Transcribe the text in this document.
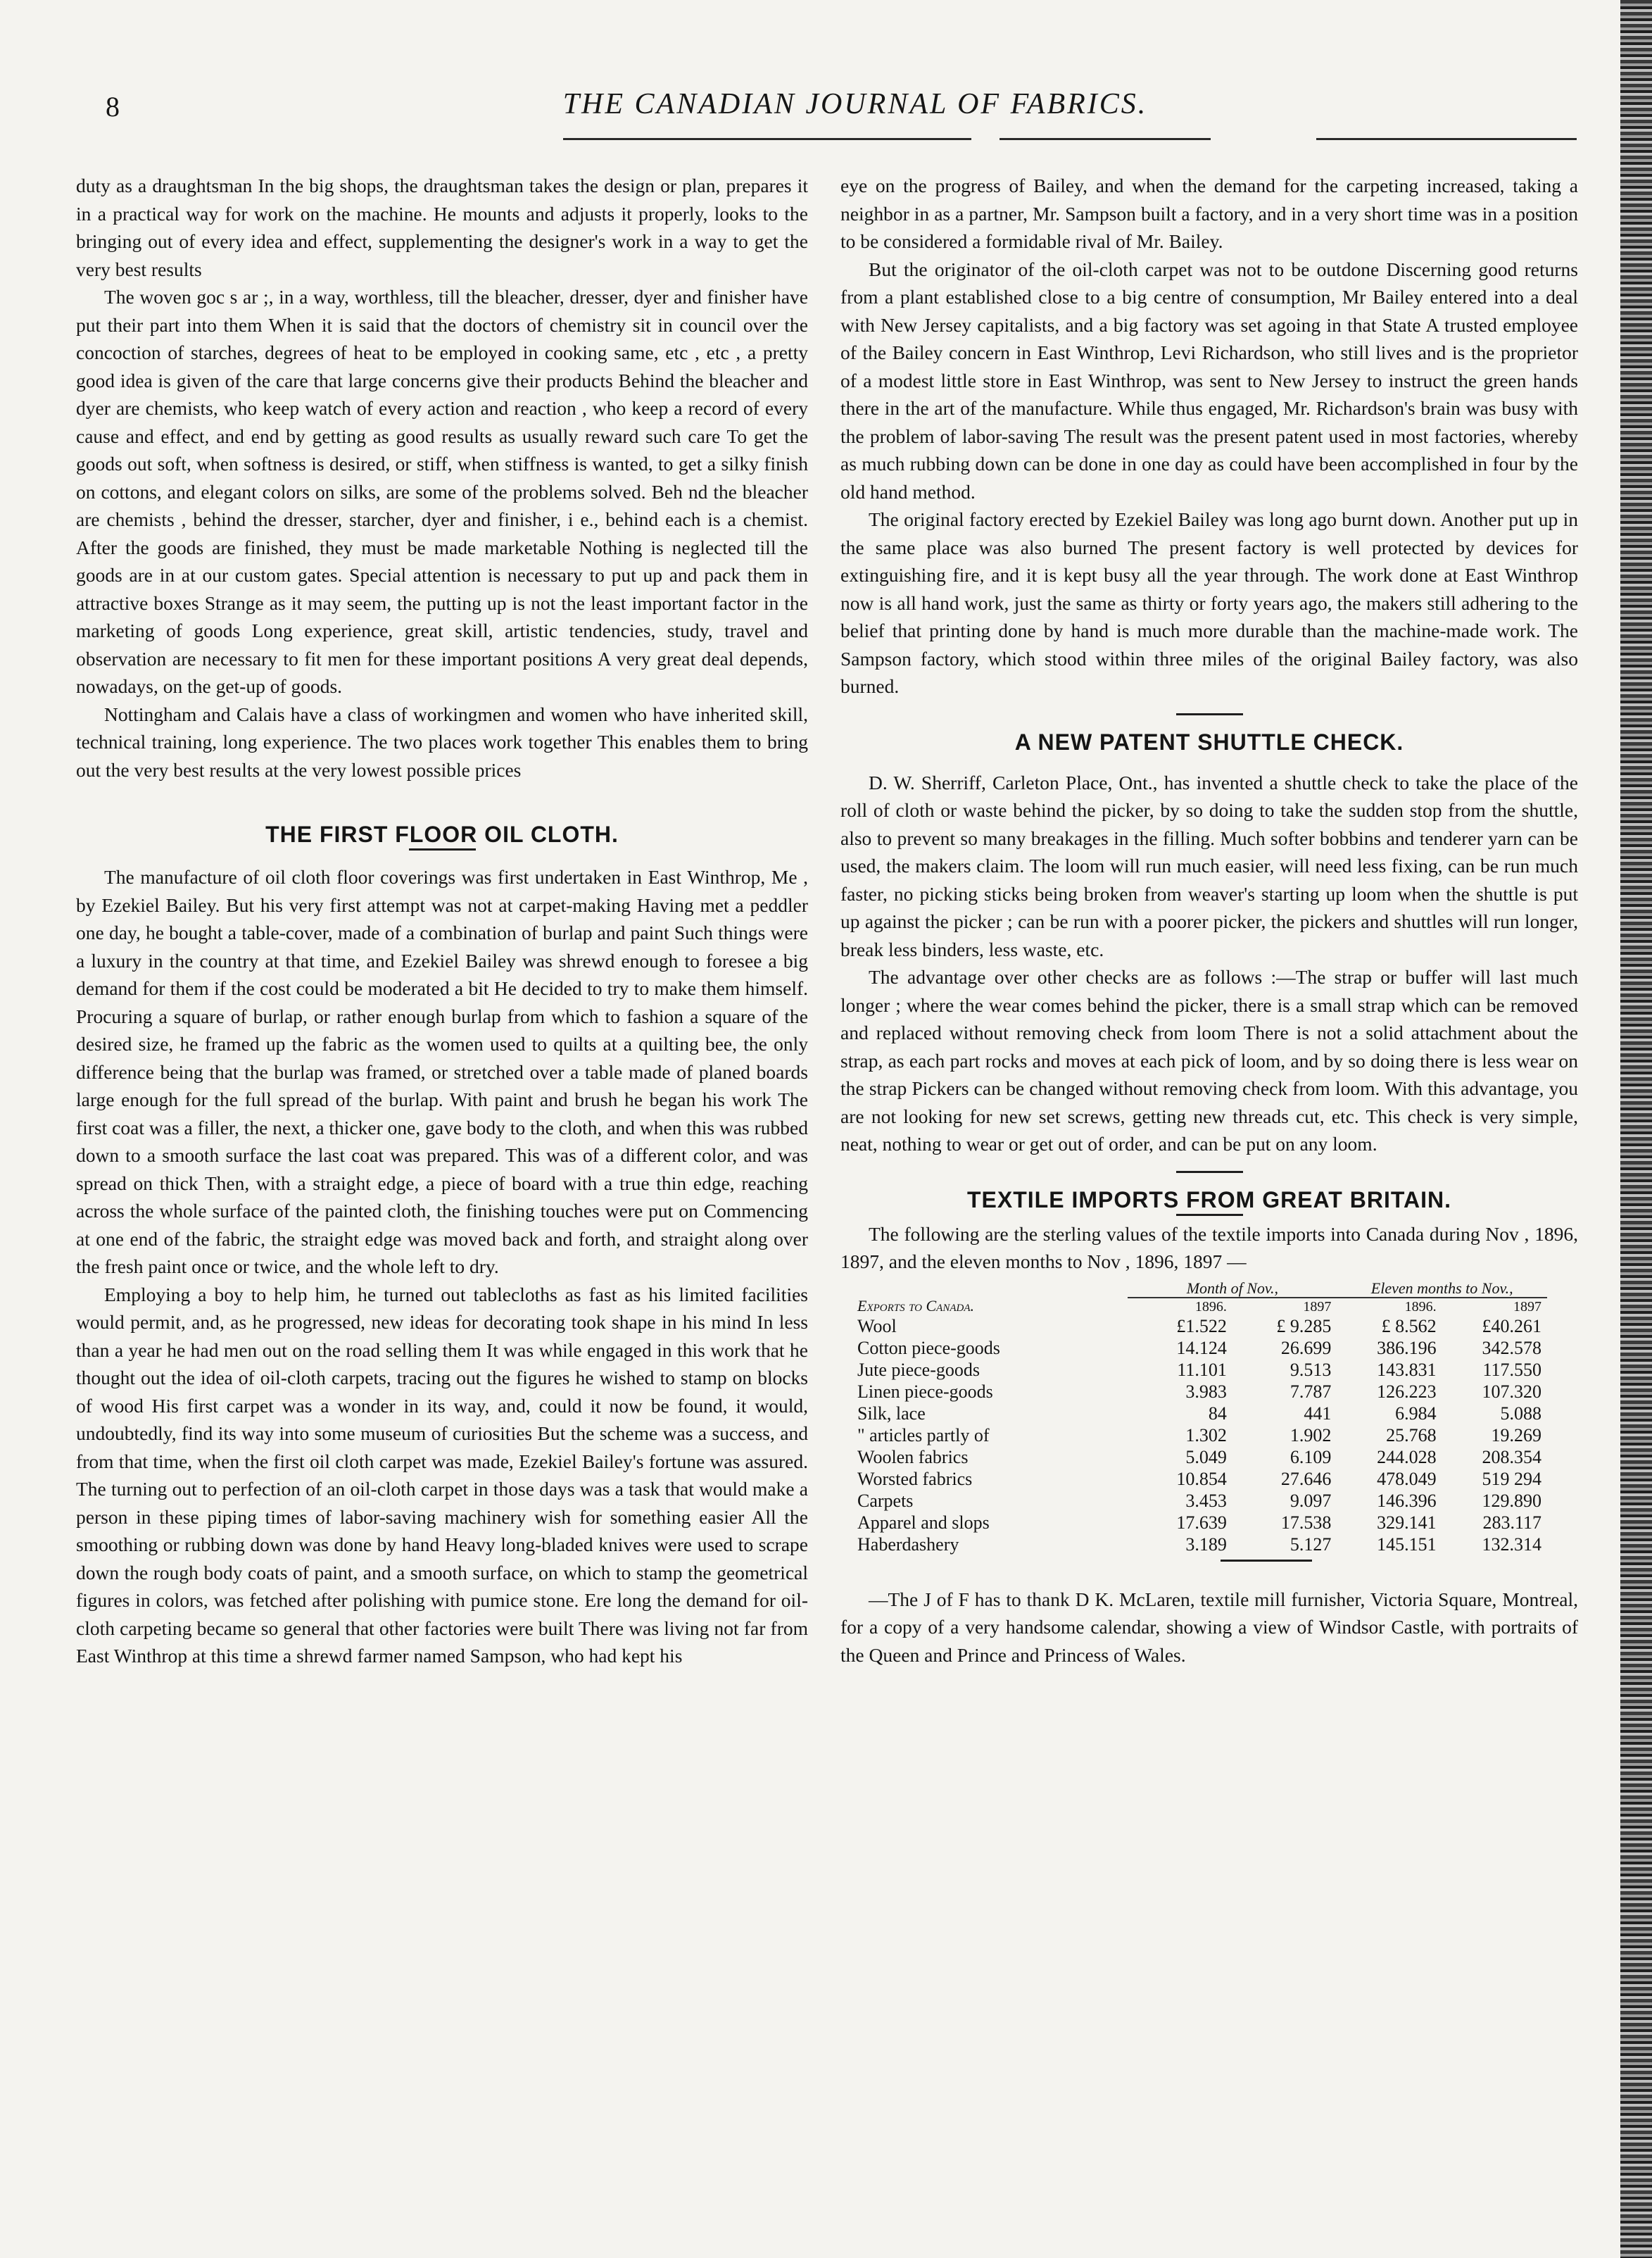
8	THE CANADIAN JOURNAL OF FABRICS.

duty as a draughtsman In the big shops, the draughtsman takes the design or plan, prepares it in a practical way for work on the machine. He mounts and adjusts it properly, looks to the bringing out of every idea and effect, supplementing the designer's work in a way to get the very best results

The woven goc s ar ;, in a way, worthless, till the bleacher, dresser, dyer and finisher have put their part into them When it is said that the doctors of chemistry sit in council over the concoction of starches, degrees of heat to be employed in cooking same, etc , etc , a pretty good idea is given of the care that large concerns give their products Behind the bleacher and dyer are chemists, who keep watch of every action and reaction , who keep a record of every cause and effect, and end by getting as good results as usually reward such care To get the goods out soft, when softness is desired, or stiff, when stiffness is wanted, to get a silky finish on cottons, and elegant colors on silks, are some of the problems solved. Beh nd the bleacher are chemists , behind the dresser, starcher, dyer and finisher, i e., behind each is a chemist. After the goods are finished, they must be made marketable Nothing is neglected till the goods are in at our custom gates. Special attention is necessary to put up and pack them in attractive boxes Strange as it may seem, the putting up is not the least important factor in the marketing of goods Long experience, great skill, artistic tendencies, study, travel and observation are necessary to fit men for these important positions A very great deal depends, nowadays, on the get-up of goods.

Nottingham and Calais have a class of workingmen and women who have inherited skill, technical training, long experience. The two places work together This enables them to bring out the very best results at the very lowest possible prices

THE FIRST FLOOR OIL CLOTH.

The manufacture of oil cloth floor coverings was first undertaken in East Winthrop, Me , by Ezekiel Bailey. But his very first attempt was not at carpet-making Having met a peddler one day, he bought a table-cover, made of a combination of burlap and paint Such things were a luxury in the country at that time, and Ezekiel Bailey was shrewd enough to foresee a big demand for them if the cost could be moderated a bit He decided to try to make them himself. Procuring a square of burlap, or rather enough burlap from which to fashion a square of the desired size, he framed up the fabric as the women used to quilts at a quilting bee, the only difference being that the burlap was framed, or stretched over a table made of planed boards large enough for the full spread of the burlap. With paint and brush he began his work The first coat was a filler, the next, a thicker one, gave body to the cloth, and when this was rubbed down to a smooth surface the last coat was prepared. This was of a different color, and was spread on thick Then, with a straight edge, a piece of board with a true thin edge, reaching across the whole surface of the painted cloth, the finishing touches were put on Commencing at one end of the fabric, the straight edge was moved back and forth, and straight along over the fresh paint once or twice, and the whole left to dry.

Employing a boy to help him, he turned out tablecloths as fast as his limited facilities would permit, and, as he progressed, new ideas for decorating took shape in his mind In less than a year he had men out on the road selling them It was while engaged in this work that he thought out the idea of oil-cloth carpets, tracing out the figures he wished to stamp on blocks of wood His first carpet was a wonder in its way, and, could it now be found, it would, undoubtedly, find its way into some museum of curiosities But the scheme was a success, and from that time, when the first oil cloth carpet was made, Ezekiel Bailey's fortune was assured. The turning out to perfection of an oil-cloth carpet in those days was a task that would make a person in these piping times of labor-saving machinery wish for something easier All the smoothing or rubbing down was done by hand Heavy long-bladed knives were used to scrape down the rough body coats of paint, and a smooth surface, on which to stamp the geometrical figures in colors, was fetched after polishing with pumice stone. Ere long the demand for oil-cloth carpeting became so general that other factories were built There was living not far from East Winthrop at this time a shrewd farmer named Sampson, who had kept his

eye on the progress of Bailey, and when the demand for the carpeting increased, taking a neighbor in as a partner, Mr. Sampson built a factory, and in a very short time was in a position to be considered a formidable rival of Mr. Bailey.

But the originator of the oil-cloth carpet was not to be outdone Discerning good returns from a plant established close to a big centre of consumption, Mr Bailey entered into a deal with New Jersey capitalists, and a big factory was set agoing in that State A trusted employee of the Bailey concern in East Winthrop, Levi Richardson, who still lives and is the proprietor of a modest little store in East Winthrop, was sent to New Jersey to instruct the green hands there in the art of the manufacture. While thus engaged, Mr. Richardson's brain was busy with the problem of labor-saving The result was the present patent used in most factories, whereby as much rubbing down can be done in one day as could have been accomplished in four by the old hand method.

The original factory erected by Ezekiel Bailey was long ago burnt down. Another put up in the same place was also burned The present factory is well protected by devices for extinguishing fire, and it is kept busy all the year through. The work done at East Winthrop now is all hand work, just the same as thirty or forty years ago, the makers still adhering to the belief that printing done by hand is much more durable than the machine-made work. The Sampson factory, which stood within three miles of the original Bailey factory, was also burned.

A NEW PATENT SHUTTLE CHECK.

D. W. Sherriff, Carleton Place, Ont., has invented a shuttle check to take the place of the roll of cloth or waste behind the picker, by so doing to take the sudden stop from the shuttle, also to prevent so many breakages in the filling. Much softer bobbins and tenderer yarn can be used, the makers claim. The loom will run much easier, will need less fixing, can be run much faster, no picking sticks being broken from weaver's starting up loom when the shuttle is put up against the picker ; can be run with a poorer picker, the pickers and shuttles will run longer, break less binders, less waste, etc.

The advantage over other checks are as follows :—The strap or buffer will last much longer ; where the wear comes behind the picker, there is a small strap which can be removed and replaced without removing check from loom There is not a solid attachment about the strap, as each part rocks and moves at each pick of loom, and by so doing there is less wear on the strap Pickers can be changed without removing check from loom. With this advantage, you are not looking for new set screws, getting new threads cut, etc. This check is very simple, neat, nothing to wear or get out of order, and can be put on any loom.

TEXTILE IMPORTS FROM GREAT BRITAIN.

The following are the sterling values of the textile imports into Canada during Nov , 1896, 1897, and the eleven months to Nov , 1896, 1897 —

	Month of Nov.,		Eleven months to Nov.,	
Exports to Canada.	1896.	1897	1896.	1897
Wool	£1.522	£ 9.285	£ 8.562	£40.261
Cotton piece-goods	14.124	26.699	386.196	342.578
Jute piece-goods	11.101	9.513	143.831	117.550
Linen piece-goods	3.983	7.787	126.223	107.320
Silk, lace	84	441	6.984	5.088
" articles partly of	1.302	1.902	25.768	19.269
Woolen fabrics	5.049	6.109	244.028	208.354
Worsted fabrics	10.854	27.646	478.049	519 294
Carpets	3.453	9.097	146.396	129.890
Apparel and slops	17.639	17.538	329.141	283.117
Haberdashery	3.189	5.127	145.151	132.314

—The J of F has to thank D K. McLaren, textile mill furnisher, Victoria Square, Montreal, for a copy of a very handsome calendar, showing a view of Windsor Castle, with portraits of the Queen and Prince and Princess of Wales.
